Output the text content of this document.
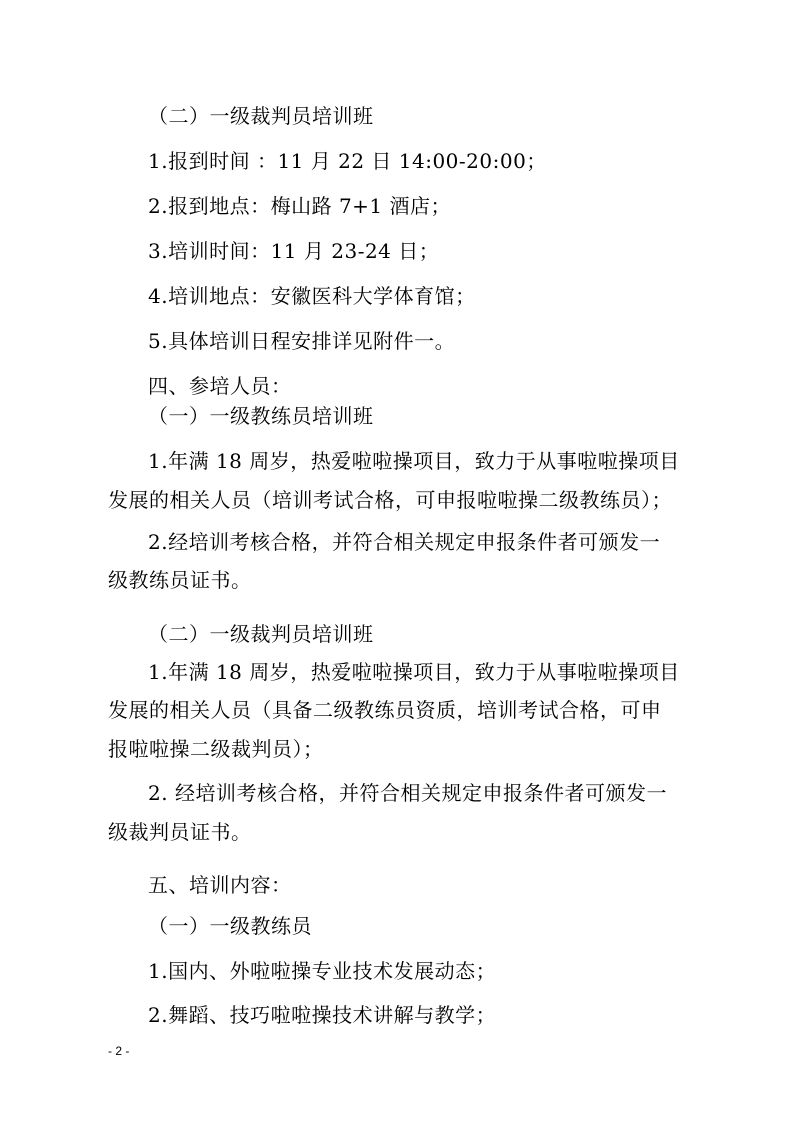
（二）一级裁判员培训班
1.报到时间 ：11 月 22 日 14:00-20:00；
2.报到地点：梅山路 7+1 酒店；
3.培训时间：11 月 23-24 日；
4.培训地点：安徽医科大学体育馆；
5.具体培训日程安排详见附件一。
四、参培人员：
（一）一级教练员培训班
1.年满 18 周岁，热爱啦啦操项目，致力于从事啦啦操项目
发展的相关人员（培训考试合格，可申报啦啦操二级教练员）；
2.经培训考核合格，并符合相关规定申报条件者可颁发一
级教练员证书。
（二）一级裁判员培训班
1.年满 18 周岁，热爱啦啦操项目，致力于从事啦啦操项目
发展的相关人员（具备二级教练员资质，培训考试合格，可申
报啦啦操二级裁判员）；
2. 经培训考核合格，并符合相关规定申报条件者可颁发一
级裁判员证书。
五、培训内容：
（一）一级教练员
1.国内、外啦啦操专业技术发展动态；
2.舞蹈、技巧啦啦操技术讲解与教学；
- 2 -
